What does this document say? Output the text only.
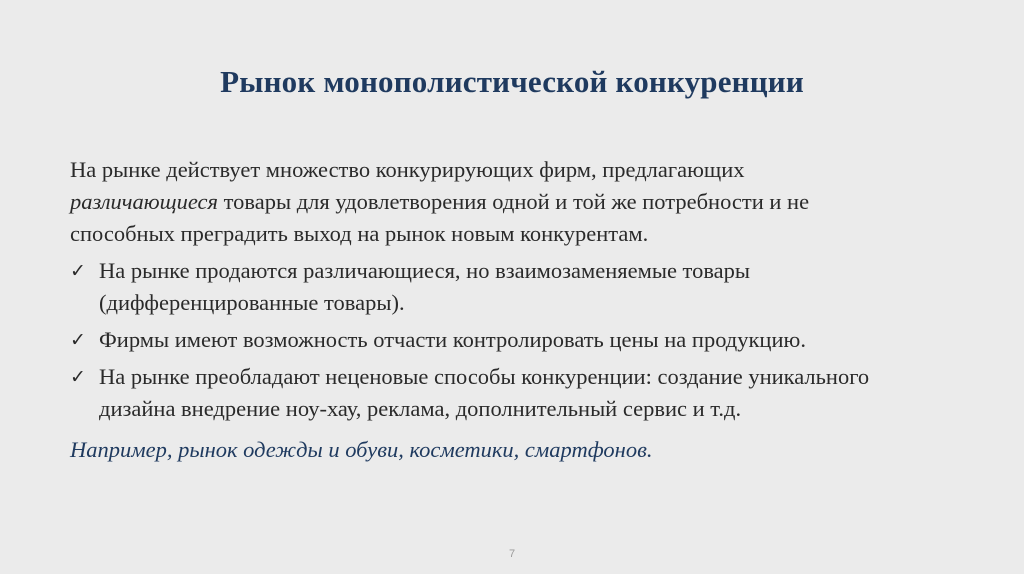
Рынок монополистической конкуренции
На рынке действует множество конкурирующих фирм, предлагающих
различающиеся товары для удовлетворения одной и той же потребности и не
способных преградить выход на рынок новым конкурентам.
✓ На рынке продаются различающиеся, но взаимозаменяемые товары
(дифференцированные товары).
✓ Фирмы имеют возможность отчасти контролировать цены на продукцию.
✓ На рынке преобладают неценовые способы конкуренции: создание уникального
дизайна внедрение ноу-хау, реклама, дополнительный сервис и т.д.
Например, рынок одежды и обуви, косметики, смартфонов.
7
